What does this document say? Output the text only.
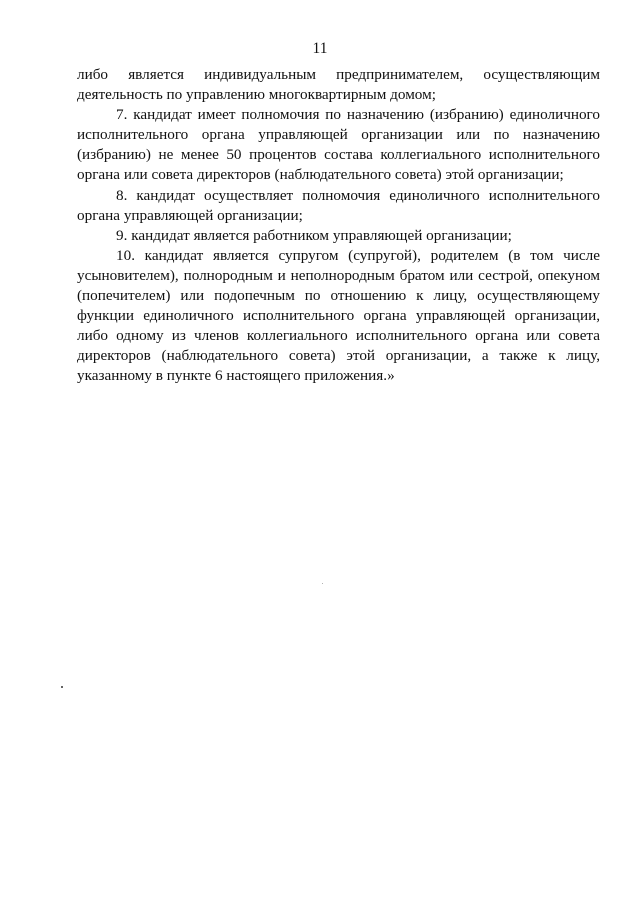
11

либо является индивидуальным предпринимателем, осуществляющим деятельность по управлению многоквартирным домом;

7. кандидат имеет полномочия по назначению (избранию) единоличного исполнительного органа управляющей организации или по назначению (избранию) не менее 50 процентов состава коллегиального исполнительного органа или совета директоров (наблюдательного совета) этой организации;

8. кандидат осуществляет полномочия единоличного исполнительного органа управляющей организации;

9. кандидат является работником управляющей организации;

10. кандидат является супругом (супругой), родителем (в том числе усыновителем), полнородным и неполнородным братом или сестрой, опекуном (попечителем) или подопечным по отношению к лицу, осуществляющему функции единоличного исполнительного органа управляющей организации, либо одному из членов коллегиального исполнительного органа или совета директоров (наблюдательного совета) этой организации, а также к лицу, указанному в пункте 6 настоящего приложения.»
